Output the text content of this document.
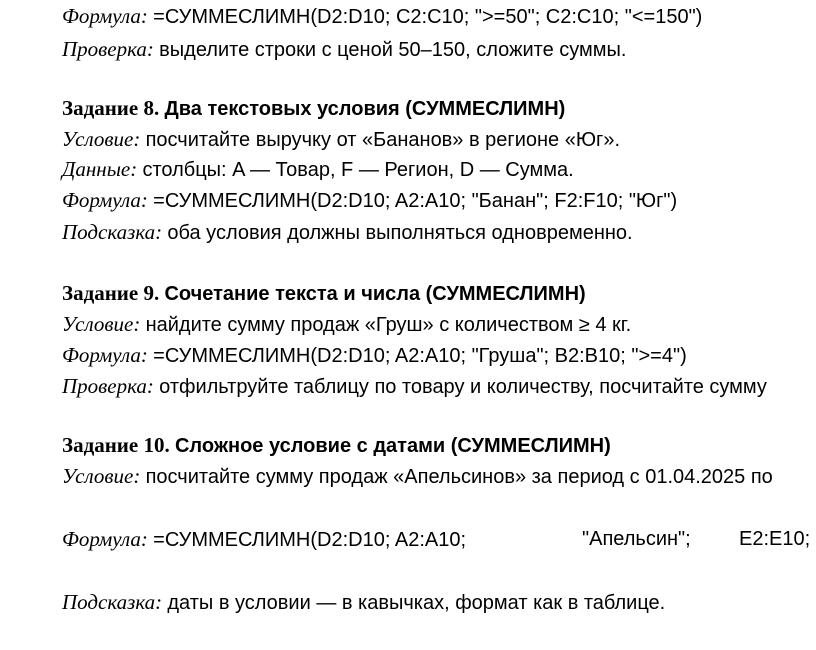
Формула: =СУММЕСЛИМН(D2:D10; C2:C10; ">=50"; C2:C10; "<=150")
Проверка: выделите строки с ценой 50–150, сложите суммы.
Задание 8. Два текстовых условия (СУММЕСЛИМН)
Условие: посчитайте выручку от «Бананов» в регионе «Юг».
Данные: столбцы: A — Товар, F — Регион, D — Сумма.
Формула: =СУММЕСЛИМН(D2:D10; A2:A10; "Банан"; F2:F10; "Юг")
Подсказка: оба условия должны выполняться одновременно.
Задание 9. Сочетание текста и числа (СУММЕСЛИМН)
Условие: найдите сумму продаж «Груш» с количеством ≥ 4 кг.
Формула: =СУММЕСЛИМН(D2:D10; A2:A10; "Груша"; B2:B10; ">=4")
Проверка: отфильтруйте таблицу по товару и количеству, посчитайте сумму
Задание 10. Сложное условие с датами (СУММЕСЛИМН)
Условие: посчитайте сумму продаж «Апельсинов» за период с 01.04.2025 по
Формула: =СУММЕСЛИМН(D2:D10; A2:A10;	"Апельсин"; E2:E10;
Подсказка: даты в условии — в кавычках, формат как в таблице.
